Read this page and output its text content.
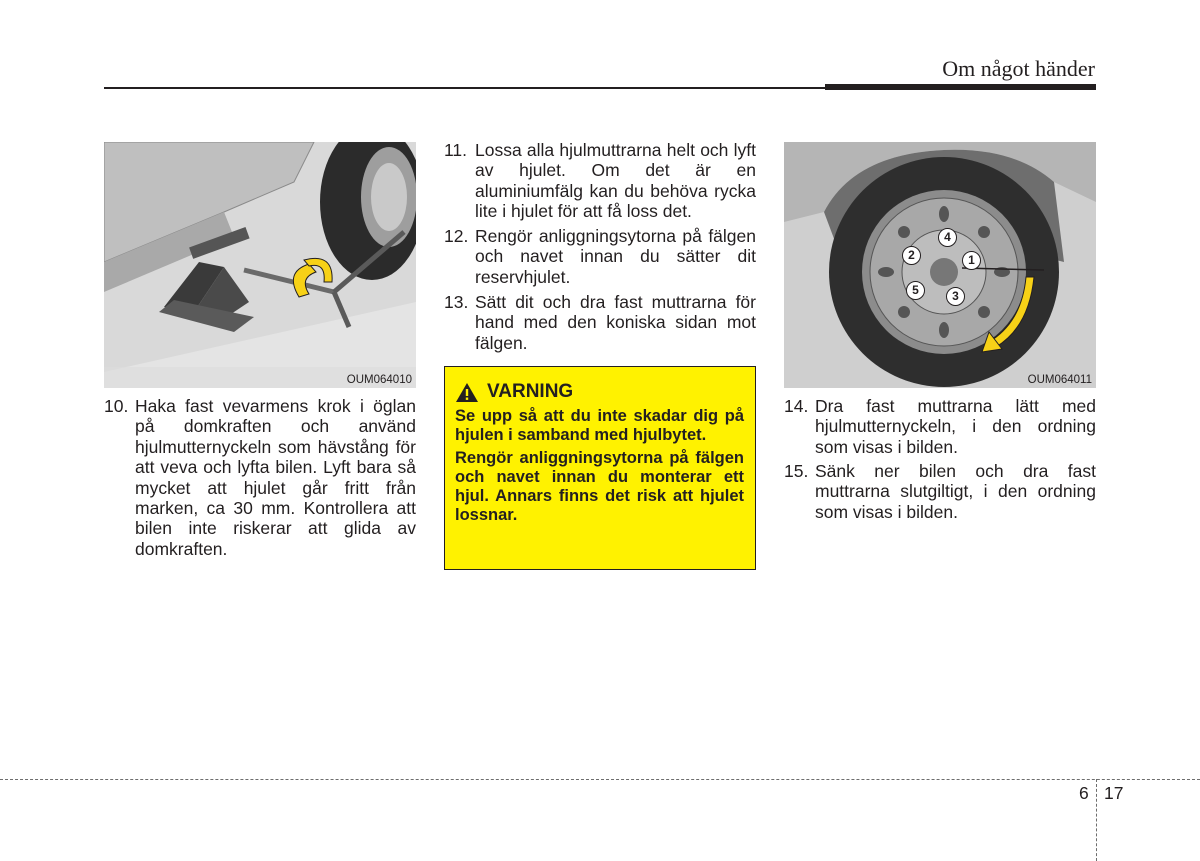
Om något händer
OUM064010
1
2
3
4
5
OUM064011
10. Haka fast vevarmens krok i öglan på domkraften och använd hjulmutternyckeln som hävstång för att veva och lyfta bilen. Lyft bara så mycket att hjulet går fritt från marken, ca 30 mm. Kontrollera att bilen inte riskerar att glida av domkraften.
11. Lossa alla hjulmuttrarna helt och lyft av hjulet. Om det är en aluminiumfälg kan du behöva rycka lite i hjulet för att få loss det.
12. Rengör anliggningsytorna på fälgen och navet innan du sätter dit reservhjulet.
13. Sätt dit och dra fast muttrarna för hand med den koniska sidan mot fälgen.
VARNING

Se upp så att du inte skadar dig på hjulen i samband med hjulbytet.

Rengör anliggningsytorna på fälgen och navet innan du monterar ett hjul. Annars finns det risk att hjulet lossnar.

14. Dra fast muttrarna lätt med hjulmutternyckeln, i den ordning som visas i bilden.
15. Sänk ner bilen och dra fast muttrarna slutgiltigt, i den ordning som visas i bilden.
6 17
